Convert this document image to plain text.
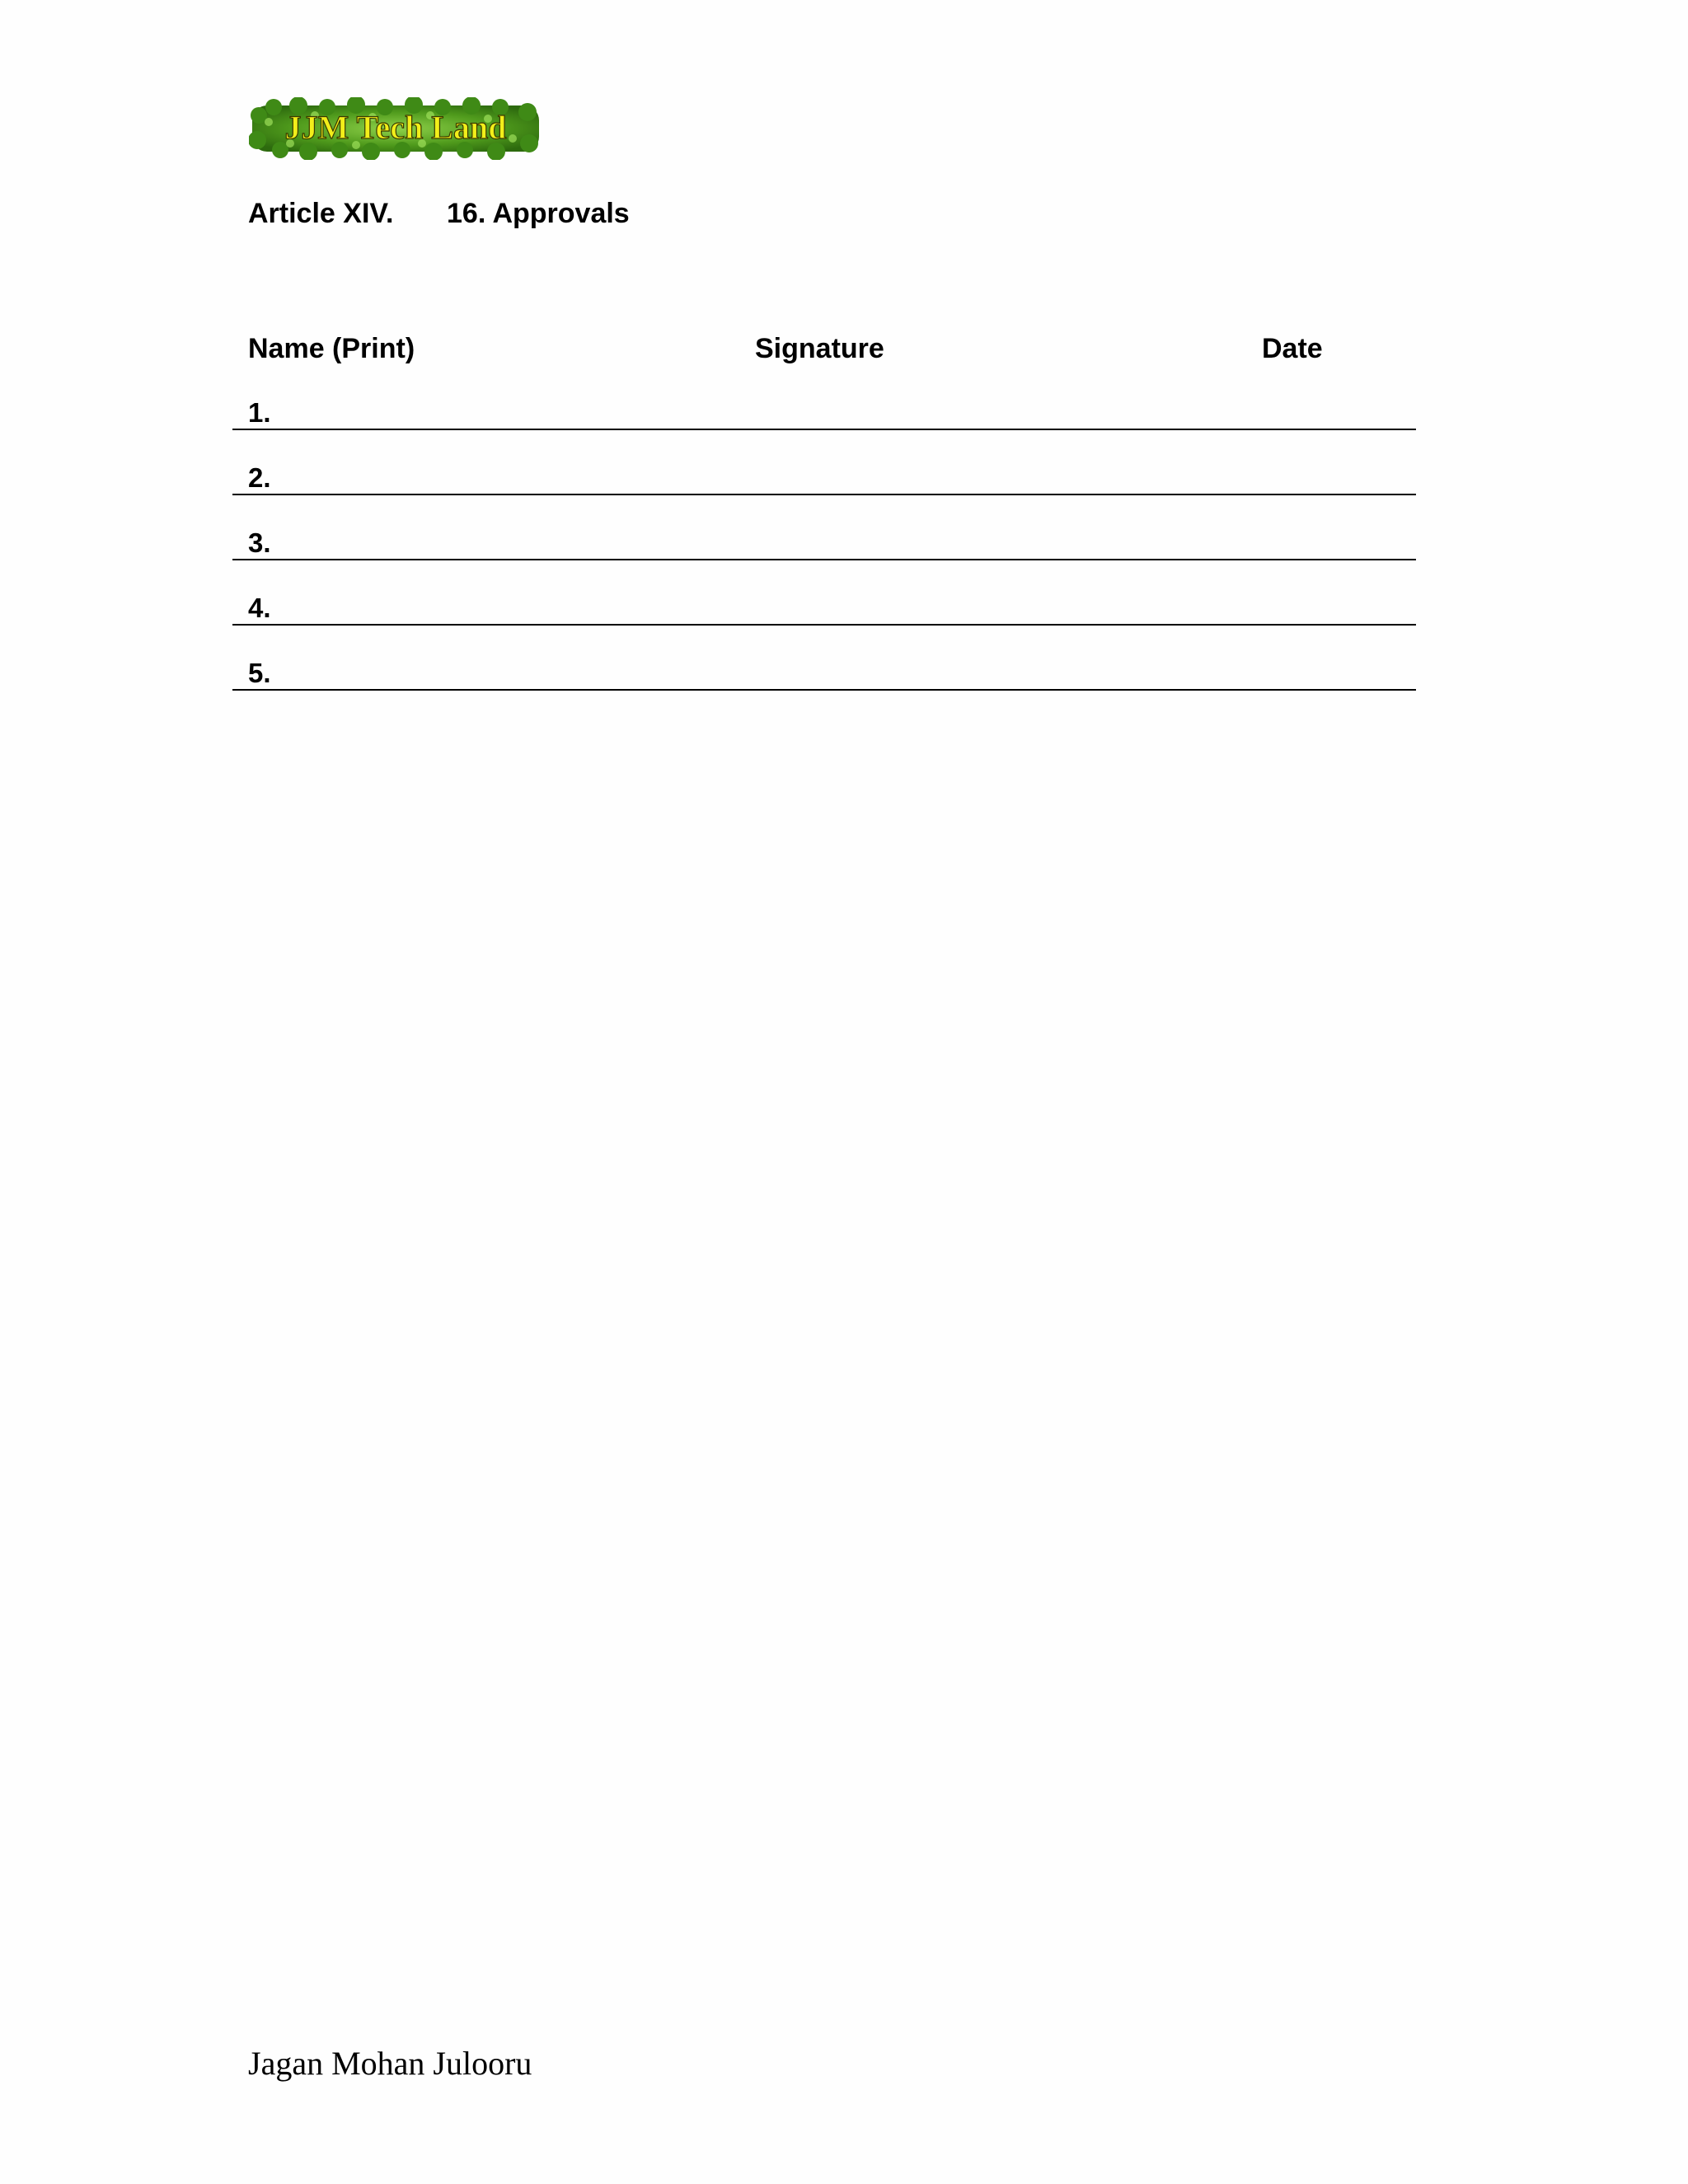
JJM Tech Land
Article XIV. 16. Approvals
Name (Print)	Signature	Date
1.
2.
3.
4.
5.
Jagan Mohan Julooru
